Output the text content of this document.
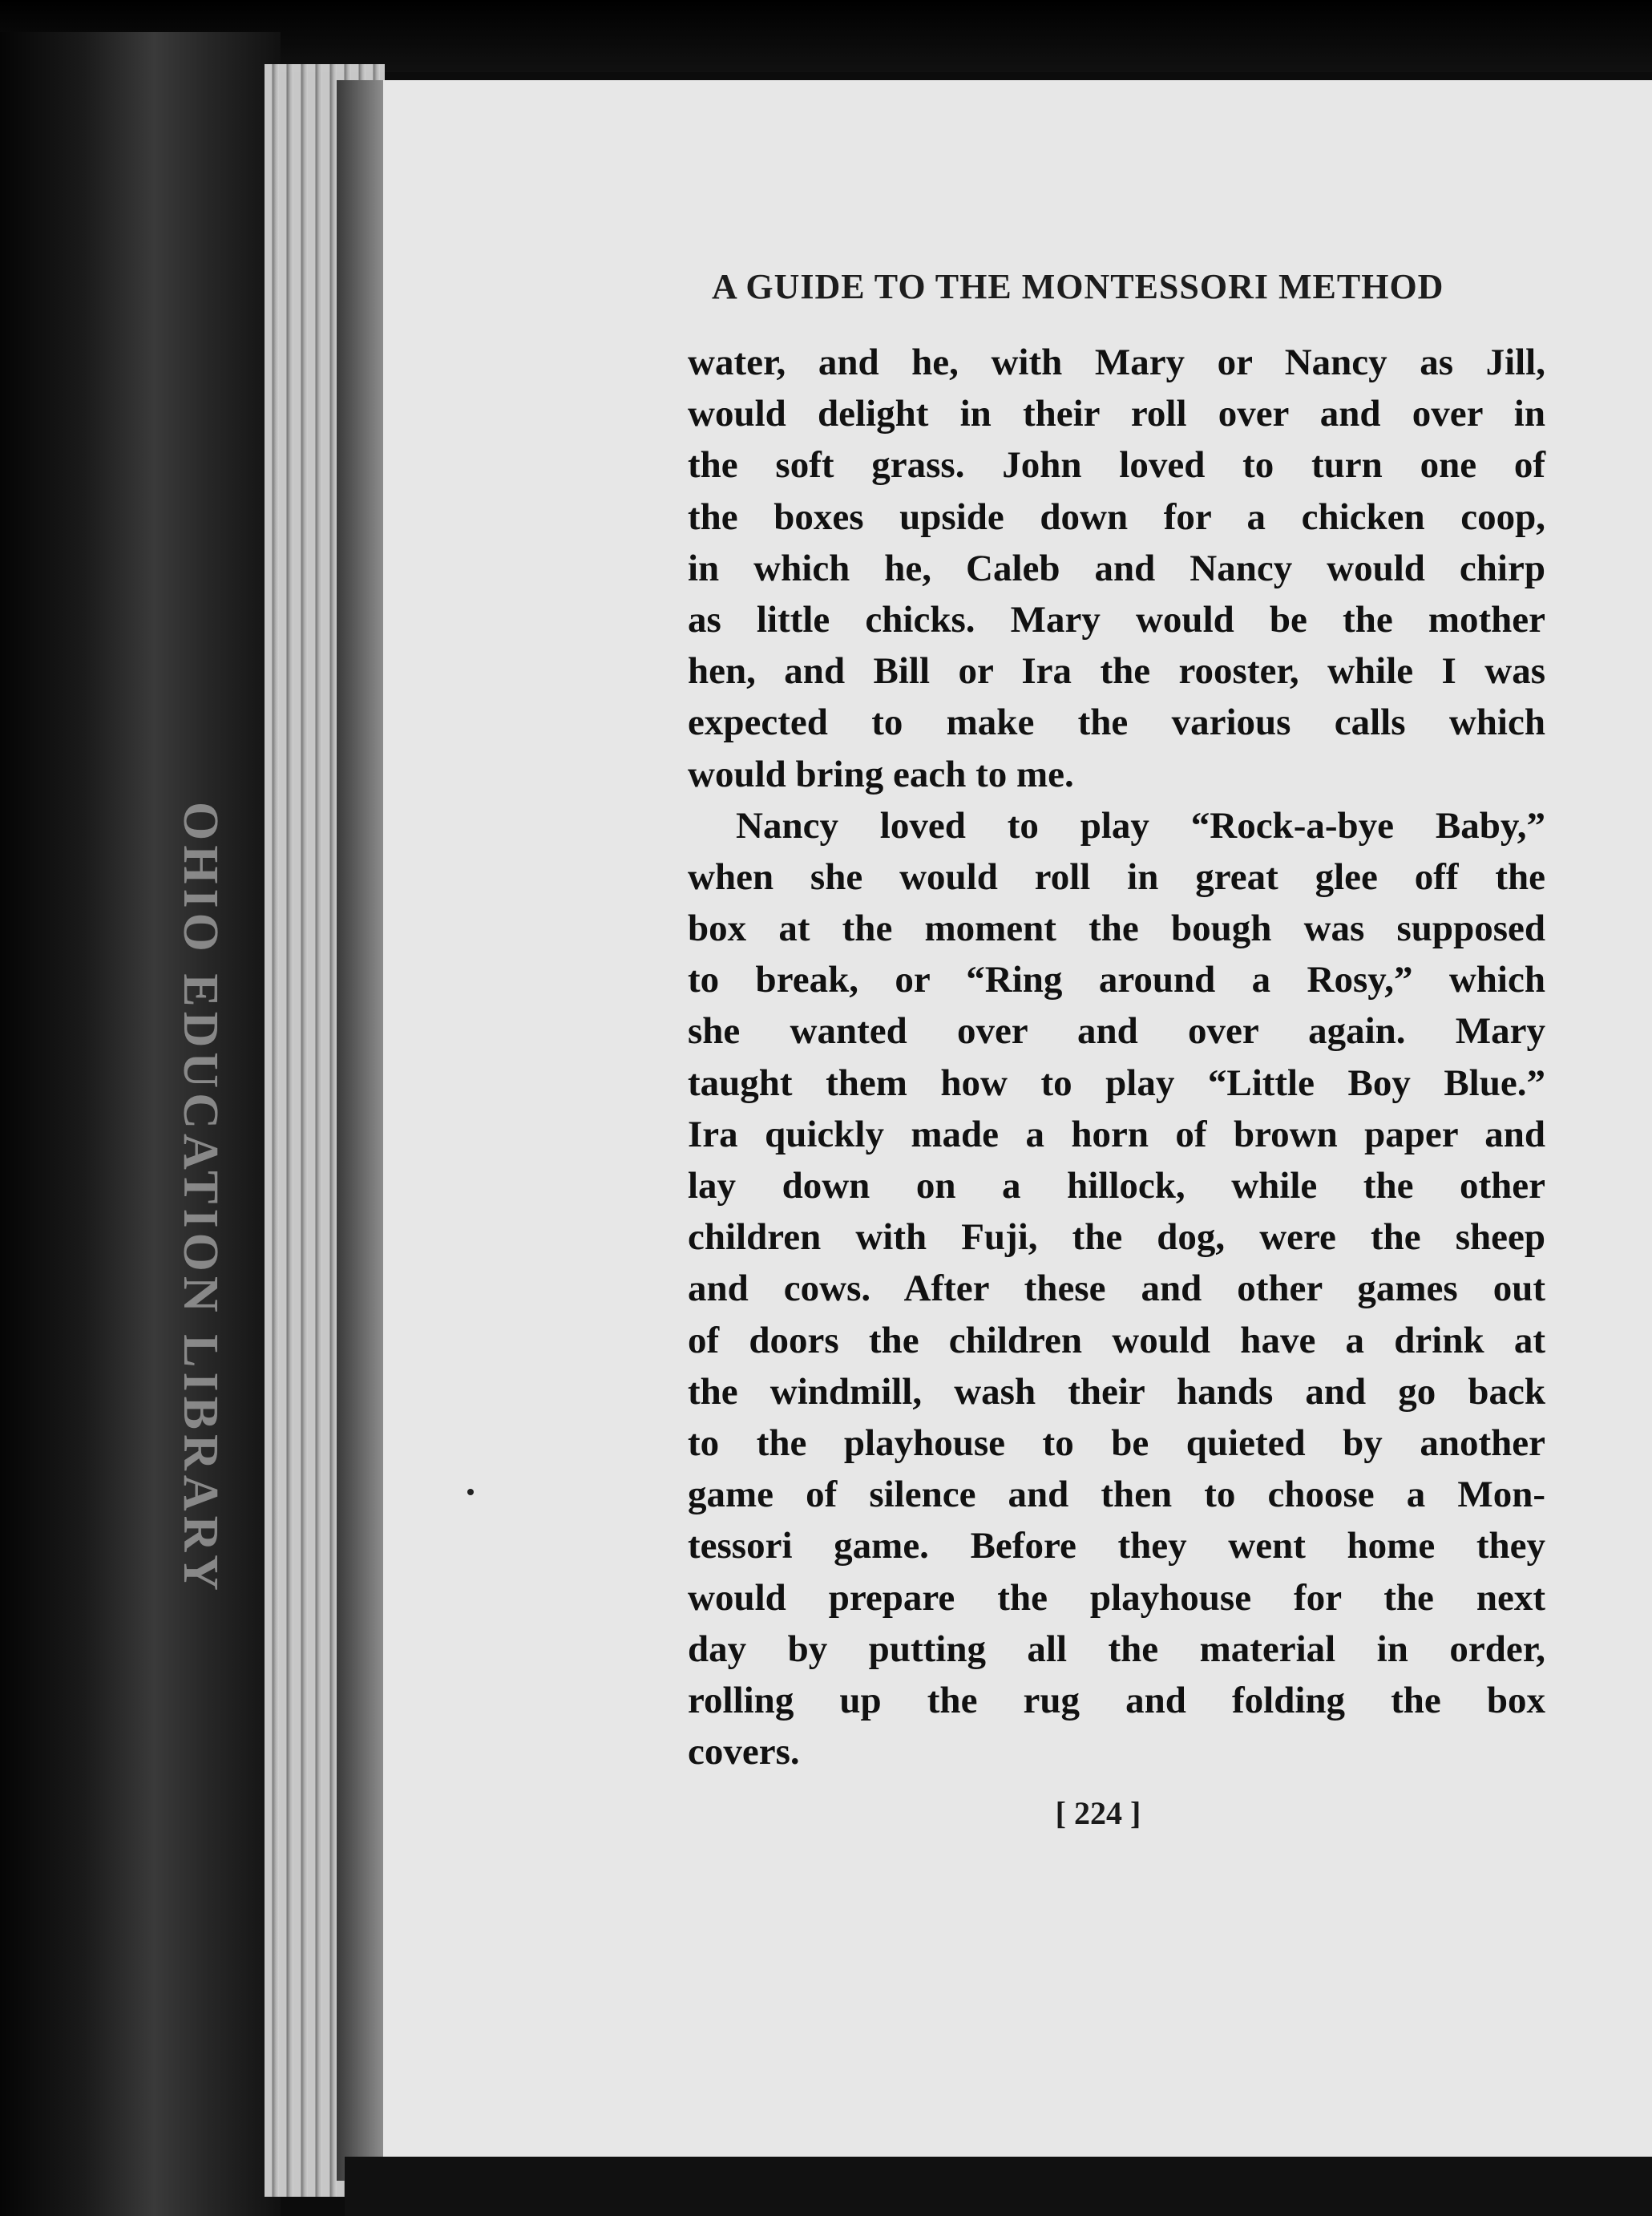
OHIO EDUCATION LIBRARY
A GUIDE TO THE MONTESSORI METHOD
water, and he, with Mary or Nancy as Jill,
would delight in their roll over and over in
the soft grass. John loved to turn one of
the boxes upside down for a chicken coop,
in which he, Caleb and Nancy would chirp
as little chicks. Mary would be the mother
hen, and Bill or Ira the rooster, while I was
expected to make the various calls which
would bring each to me.
Nancy loved to play “Rock-a-bye Baby,”
when she would roll in great glee off the
box at the moment the bough was supposed
to break, or “Ring around a Rosy,” which
she wanted over and over again. Mary
taught them how to play “Little Boy Blue.”
Ira quickly made a horn of brown paper and
lay down on a hillock, while the other
children with Fuji, the dog, were the sheep
and cows. After these and other games out
of doors the children would have a drink at
the windmill, wash their hands and go back
to the playhouse to be quieted by another
game of silence and then to choose a Mon-
tessori game. Before they went home they
would prepare the playhouse for the next
day by putting all the material in order,
rolling up the rug and folding the box
covers.
[ 224 ]
